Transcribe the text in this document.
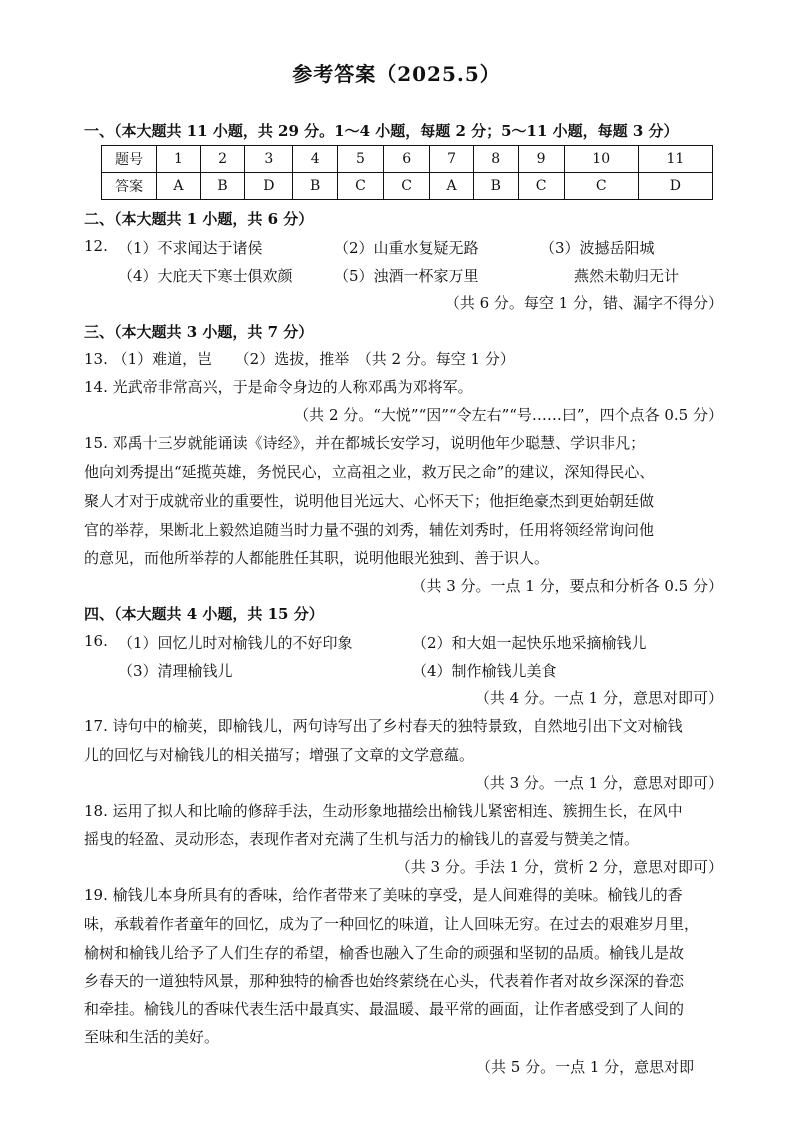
参考答案（2025.5）
一、（本大题共 11 小题，共 29 分。1～4 小题，每题 2 分；5～11 小题，每题 3 分）
题号	1	2	3	4	5	6	7	8	9	10	11
答案	A	B	D	B	C	C	A	B	C	C	D
二、（本大题共 1 小题，共 6 分）
12. （1）不求闻达于诸侯	（2）山重水复疑无路	（3）波撼岳阳城
（4）大庇天下寒士俱欢颜	（5）浊酒一杯家万里	燕然未勒归无计
（共 6 分。每空 1 分，错、漏字不得分）
三、（本大题共 3 小题，共 7 分）
13. （1）难道，岂　　（2）选拔，推举　（共 2 分。每空 1 分）
14. 光武帝非常高兴，于是命令身边的人称邓禹为邓将军。
（共 2 分。“大悦”“因”“令左右”“号……曰”，四个点各 0.5 分）
15. 邓禹十三岁就能诵读《诗经》，并在都城长安学习，说明他年少聪慧、学识非凡；
他向刘秀提出“延揽英雄，务悦民心，立高祖之业，救万民之命”的建议，深知得民心、
聚人才对于成就帝业的重要性，说明他目光远大、心怀天下；他拒绝豪杰到更始朝廷做
官的举荐，果断北上毅然追随当时力量不强的刘秀，辅佐刘秀时，任用将领经常询问他
的意见，而他所举荐的人都能胜任其职，说明他眼光独到、善于识人。
（共 3 分。一点 1 分，要点和分析各 0.5 分）
四、（本大题共 4 小题，共 15 分）
16. （1）回忆儿时对榆钱儿的不好印象	（2）和大姐一起快乐地采摘榆钱儿
（3）清理榆钱儿	（4）制作榆钱儿美食
（共 4 分。一点 1 分，意思对即可）
17. 诗句中的榆荚，即榆钱儿，两句诗写出了乡村春天的独特景致，自然地引出下文对榆钱
儿的回忆与对榆钱儿的相关描写；增强了文章的文学意蕴。
（共 3 分。一点 1 分，意思对即可）
18. 运用了拟人和比喻的修辞手法，生动形象地描绘出榆钱儿紧密相连、簇拥生长，在风中
摇曳的轻盈、灵动形态，表现作者对充满了生机与活力的榆钱儿的喜爱与赞美之情。
（共 3 分。手法 1 分，赏析 2 分，意思对即可）
19. 榆钱儿本身所具有的香味，给作者带来了美味的享受，是人间难得的美味。榆钱儿的香
味，承载着作者童年的回忆，成为了一种回忆的味道，让人回味无穷。在过去的艰难岁月里，
榆树和榆钱儿给予了人们生存的希望，榆香也融入了生命的顽强和坚韧的品质。榆钱儿是故
乡春天的一道独特风景，那种独特的榆香也始终萦绕在心头，代表着作者对故乡深深的眷恋
和牵挂。榆钱儿的香味代表生活中最真实、最温暖、最平常的画面，让作者感受到了人间的
至味和生活的美好。
（共 5 分。一点 1 分，意思对即
